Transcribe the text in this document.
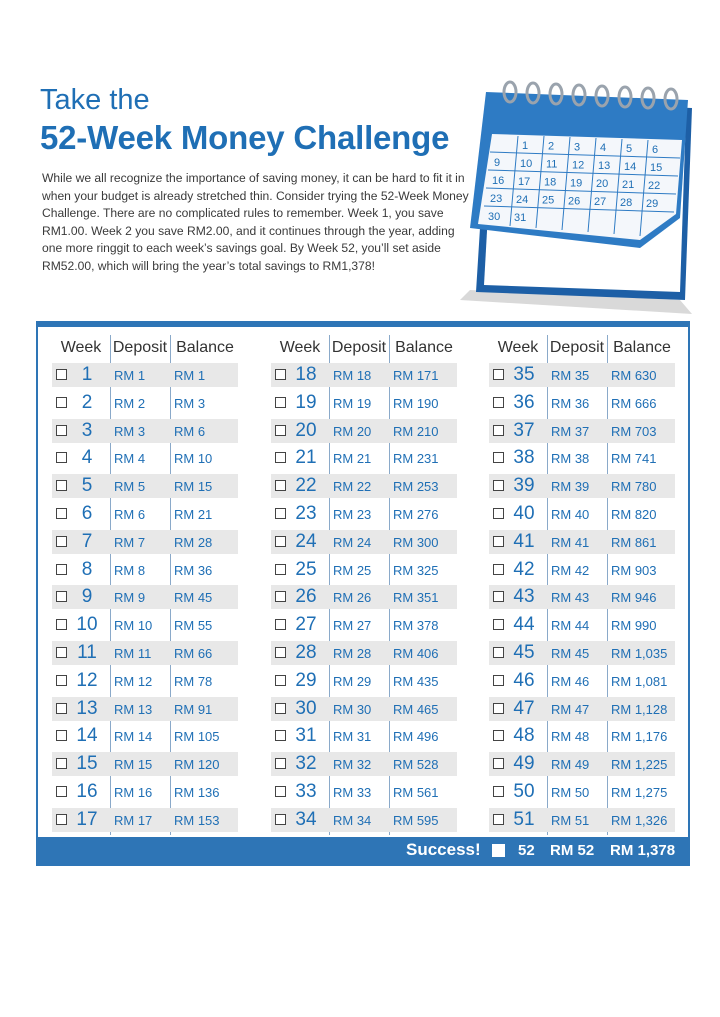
Take the
52-Week Money Challenge
While we all recognize the importance of saving money, it can be hard to fit it in when your budget is already stretched thin. Consider trying the 52-Week Money Challenge. There are no complicated rules to remember. Week 1, you save RM1.00. Week 2 you save RM2.00, and it continues through the year, adding one more ringgit to each week’s savings goal. By Week 52, you’ll set aside RM52.00, which will bring the year’s total savings to RM1,378!
1 2 3 4 5 6
9 10 11 12 13 14 15
16 17 18 19 20 21 22
23 24 25 26 27 28 29
30 31
Week Deposit Balance
1	RM 1 RM 1
2	RM 2 RM 3
3	RM 3 RM 6
4	RM 4 RM 10
5	RM 5 RM 15
6	RM 6 RM 21
7	RM 7 RM 28
8	RM 8 RM 36
9	RM 9 RM 45
10	RM 10 RM 55
11	RM 11 RM 66
12	RM 12 RM 78
13	RM 13 RM 91
14	RM 14 RM 105
15	RM 15 RM 120
16	RM 16 RM 136
17	RM 17 RM 153
Week Deposit Balance
18	RM 18 RM 171
19	RM 19 RM 190
20	RM 20 RM 210
21	RM 21 RM 231
22	RM 22 RM 253
23	RM 23 RM 276
24	RM 24 RM 300
25	RM 25 RM 325
26	RM 26 RM 351
27	RM 27 RM 378
28	RM 28 RM 406
29	RM 29 RM 435
30	RM 30 RM 465
31	RM 31 RM 496
32	RM 32 RM 528
33	RM 33 RM 561
34	RM 34 RM 595
Week Deposit Balance
35	RM 35 RM 630
36	RM 36 RM 666
37	RM 37 RM 703
38	RM 38 RM 741
39	RM 39 RM 780
40	RM 40 RM 820
41	RM 41 RM 861
42	RM 42 RM 903
43	RM 43 RM 946
44	RM 44 RM 990
45	RM 45 RM 1,035
46	RM 46 RM 1,081
47	RM 47 RM 1,128
48	RM 48 RM 1,176
49	RM 49 RM 1,225
50	RM 50 RM 1,275
51	RM 51 RM 1,326
Success! 52 RM 52 RM 1,378
